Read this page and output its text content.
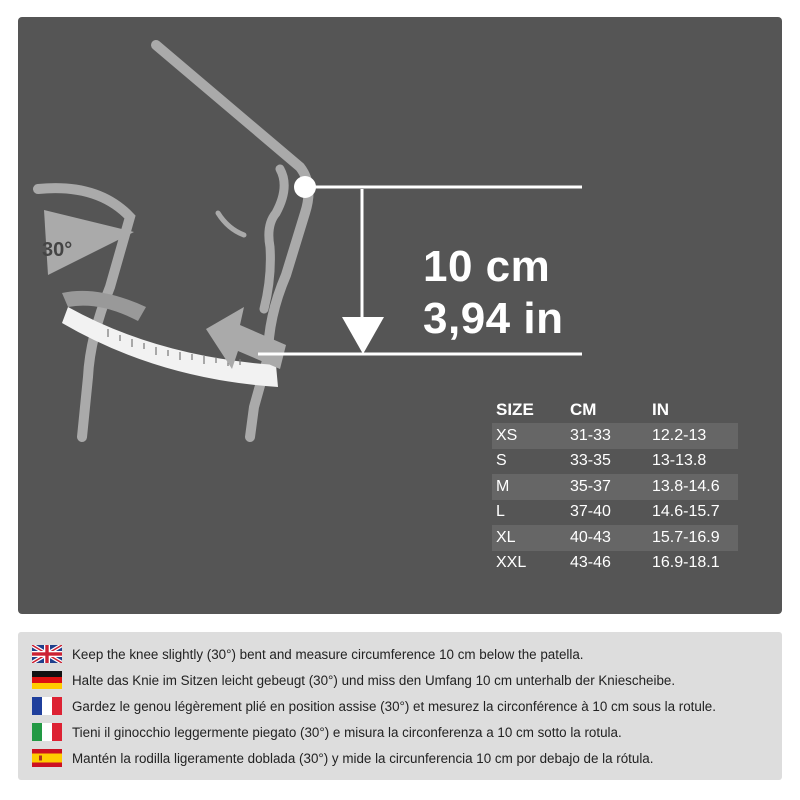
30°	10 cm
3,94 in
SIZE	CM	IN
XS	31-33	12.2-13
S	33-35	13-13.8
M	35-37	13.8-14.6
L	37-40	14.6-15.7
XL	40-43	15.7-16.9
XXL	43-46	16.9-18.1
Keep the knee slightly (30°) bent and measure circumference 10 cm below the patella.
Halte das Knie im Sitzen leicht gebeugt (30°) und miss den Umfang 10 cm unterhalb der Kniescheibe.
Gardez le genou légèrement plié en position assise (30°) et mesurez la circonférence à 10 cm sous la rotule.
Tieni il ginocchio leggermente piegato (30°) e misura la circonferenza a 10 cm sotto la rotula.
Mantén la rodilla ligeramente doblada (30°) y mide la circunferencia 10 cm por debajo de la rótula.
